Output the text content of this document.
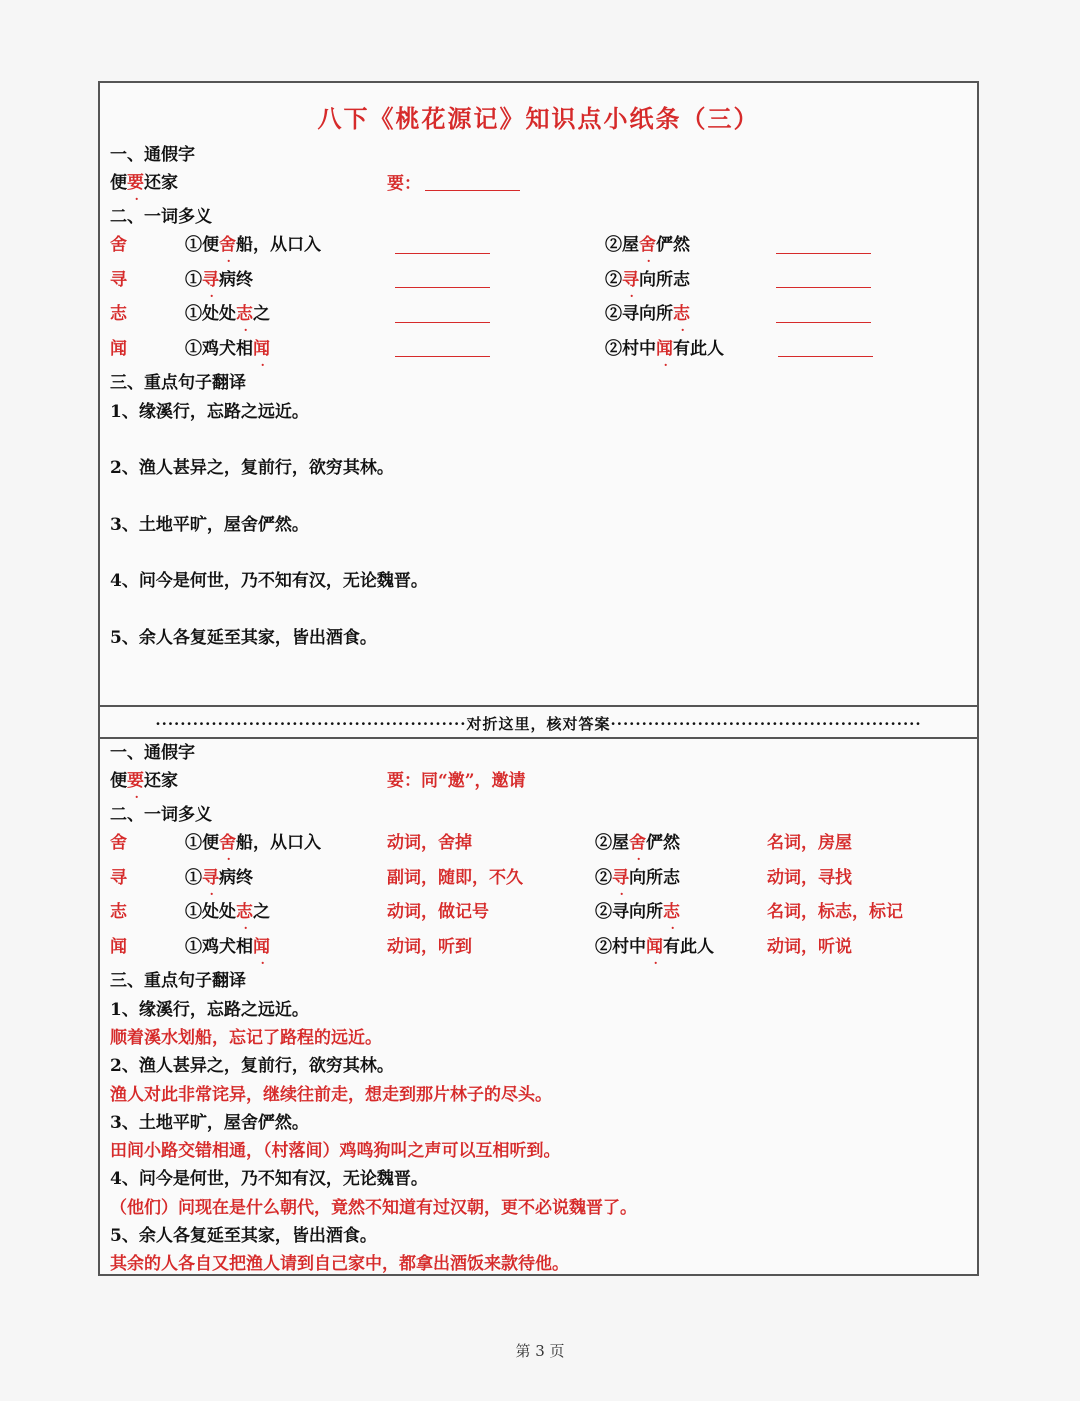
八下《桃花源记》知识点小纸条（三）
一、通假字
便要还家	要：
二、一词多义
舍	①便舍船，从口入	②屋舍俨然
寻	①寻病终	②寻向所志
志	①处处志之	②寻向所志
闻	①鸡犬相闻	②村中闻有此人
三、重点句子翻译
1、缘溪行，忘路之远近。
2、渔人甚异之，复前行，欲穷其林。
3、土地平旷，屋舍俨然。
4、问今是何世，乃不知有汉，无论魏晋。
5、余人各复延至其家，皆出酒食。
··················································对折这里，核对答案··················································
一、通假字
便要还家	要：同“邀”，邀请
二、一词多义
舍	①便舍船，从口入	动词，舍掉	②屋舍俨然	名词，房屋
寻	①寻病终	副词，随即，不久	②寻向所志	动词，寻找
志	①处处志之	动词，做记号	②寻向所志	名词，标志，标记
闻	①鸡犬相闻	动词，听到	②村中闻有此人	动词，听说
三、重点句子翻译
1、缘溪行，忘路之远近。
顺着溪水划船，忘记了路程的远近。
2、渔人甚异之，复前行，欲穷其林。
渔人对此非常诧异，继续往前走，想走到那片林子的尽头。
3、土地平旷，屋舍俨然。
田间小路交错相通，（村落间）鸡鸣狗叫之声可以互相听到。
4、问今是何世，乃不知有汉，无论魏晋。
（他们）问现在是什么朝代，竟然不知道有过汉朝，更不必说魏晋了。
5、余人各复延至其家，皆出酒食。
其余的人各自又把渔人请到自己家中，都拿出酒饭来款待他。
第 3 页
